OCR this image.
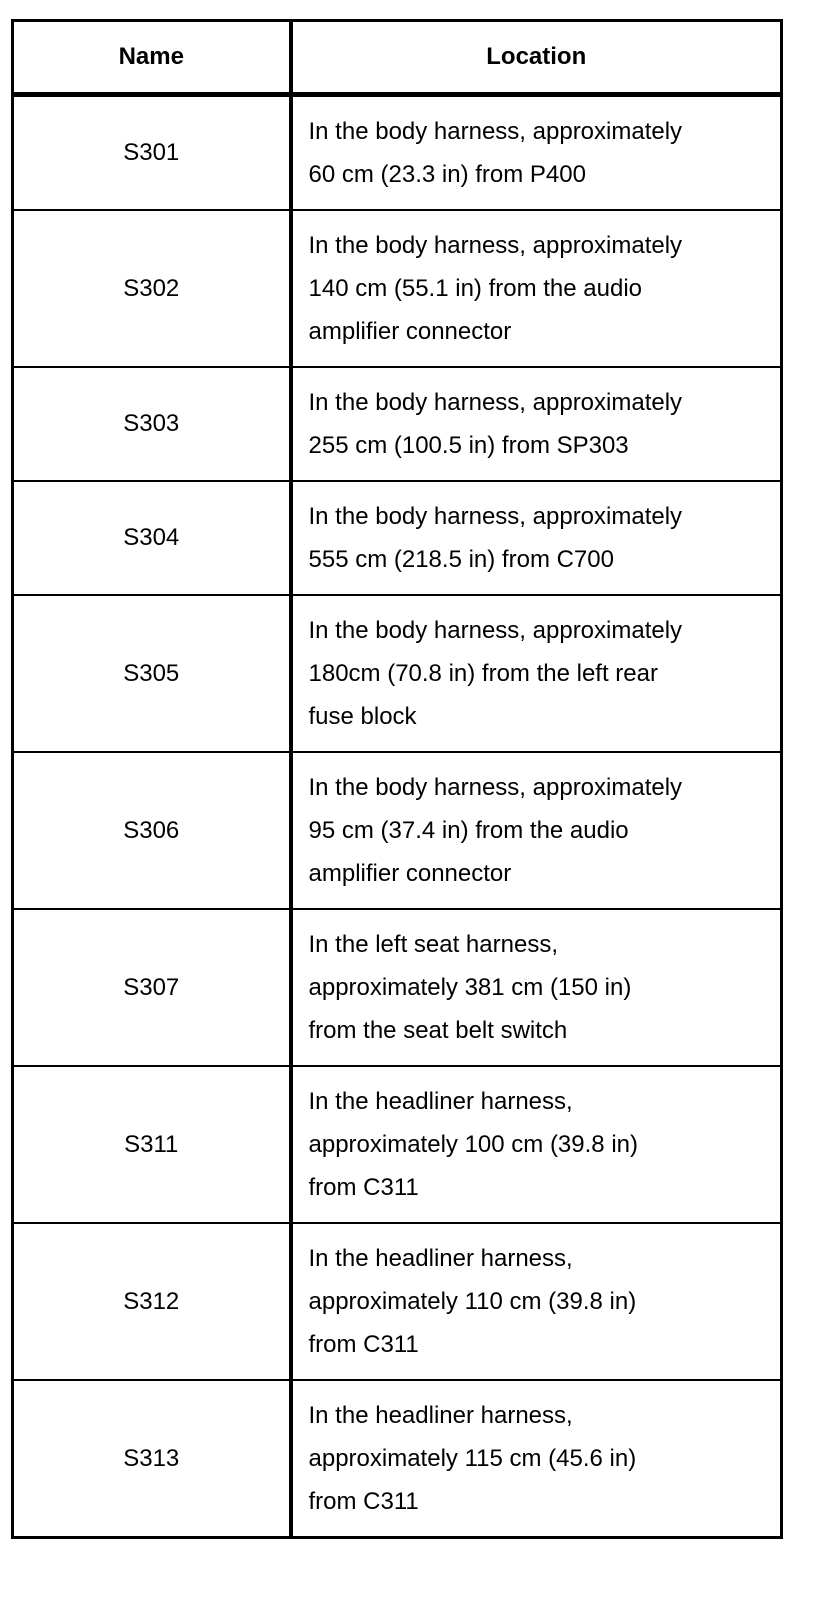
Name	Location
S301	In the body harness, approximately
60 cm (23.3 in) from P400
S302	In the body harness, approximately
140 cm (55.1 in) from the audio
amplifier connector
S303	In the body harness, approximately
255 cm (100.5 in) from SP303
S304	In the body harness, approximately
555 cm (218.5 in) from C700
S305	In the body harness, approximately
180cm (70.8 in) from the left rear
fuse block
S306	In the body harness, approximately
95 cm (37.4 in) from the audio
amplifier connector
S307	In the left seat harness,
approximately 381 cm (150 in)
from the seat belt switch
S311	In the headliner harness,
approximately 100 cm (39.8 in)
from C311
S312	In the headliner harness,
approximately 110 cm (39.8 in)
from C311
S313	In the headliner harness,
approximately 115 cm (45.6 in)
from C311
